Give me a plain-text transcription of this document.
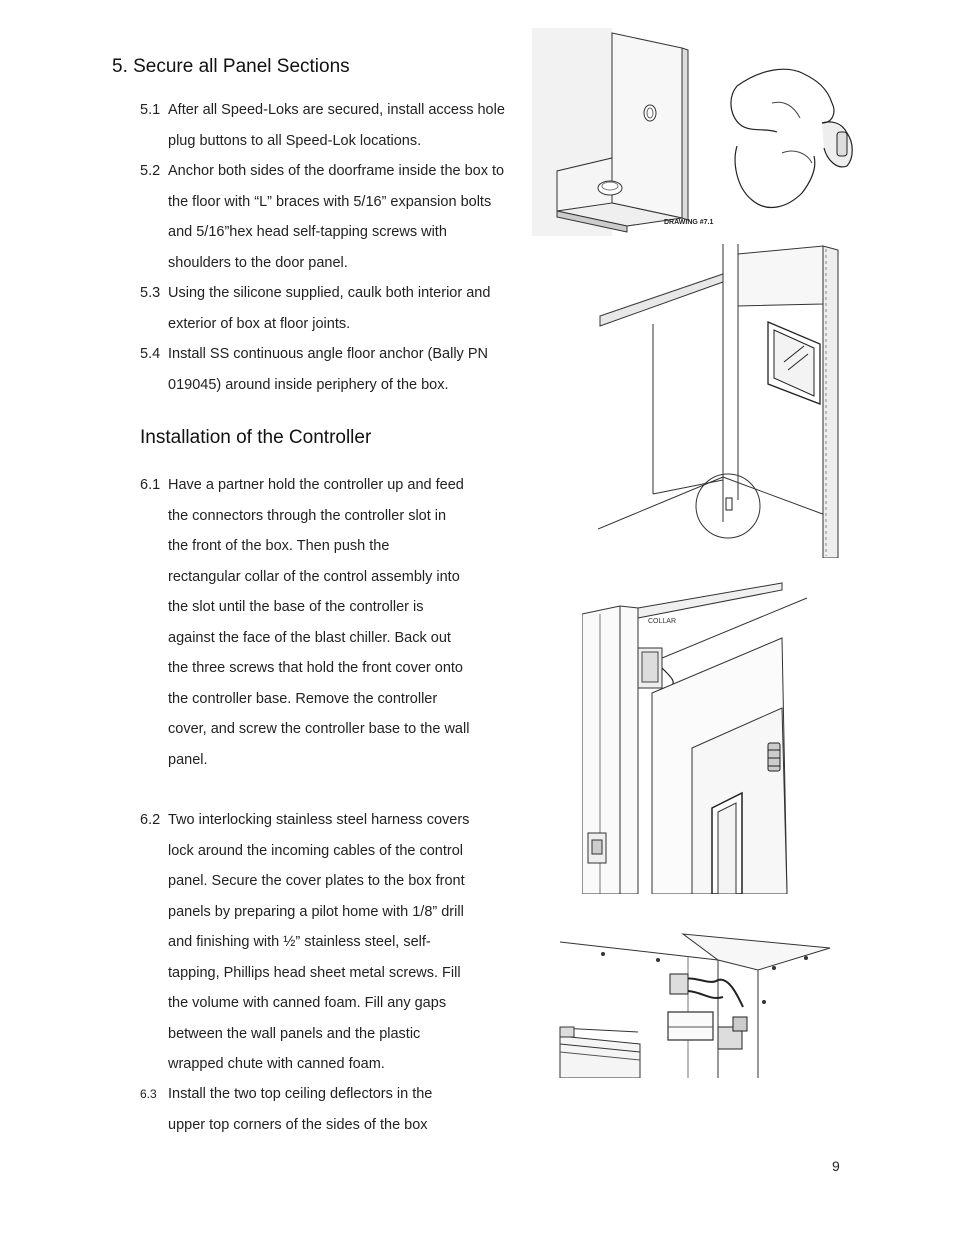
5. Secure all Panel Sections
5.1 After all Speed-Loks are secured, install access hole
plug buttons to all Speed-Lok locations.
5.2 Anchor both sides of the doorframe inside the box to
the floor with “L” braces with 5/16” expansion bolts
and 5/16”hex head self-tapping screws with
shoulders to the door panel.
5.3 Using the silicone supplied, caulk both interior and
exterior of box at floor joints.
5.4 Install SS continuous angle floor anchor (Bally PN
019045) around inside periphery of the box.
Installation of the Controller
6.1 Have a partner hold the controller up and feed
the connectors through the controller slot in
the front of the box. Then push the
rectangular collar of the control assembly into
the slot until the base of the controller is
against the face of the blast chiller. Back out
the three screws that hold the front cover onto
the controller base. Remove the controller
cover, and screw the controller base to the wall
panel.
6.2 Two interlocking stainless steel harness covers
lock around the incoming cables of the control
panel. Secure the cover plates to the box front
panels by preparing a pilot home with 1/8” drill
and finishing with ½” stainless steel, self-
tapping, Phillips head sheet metal screws. Fill
the volume with canned foam. Fill any gaps
between the wall panels and the plastic
wrapped chute with canned foam.
6.3 Install the two top ceiling deflectors in the
upper top corners of the sides of the box
DRAWING #7.1
COLLAR
9
